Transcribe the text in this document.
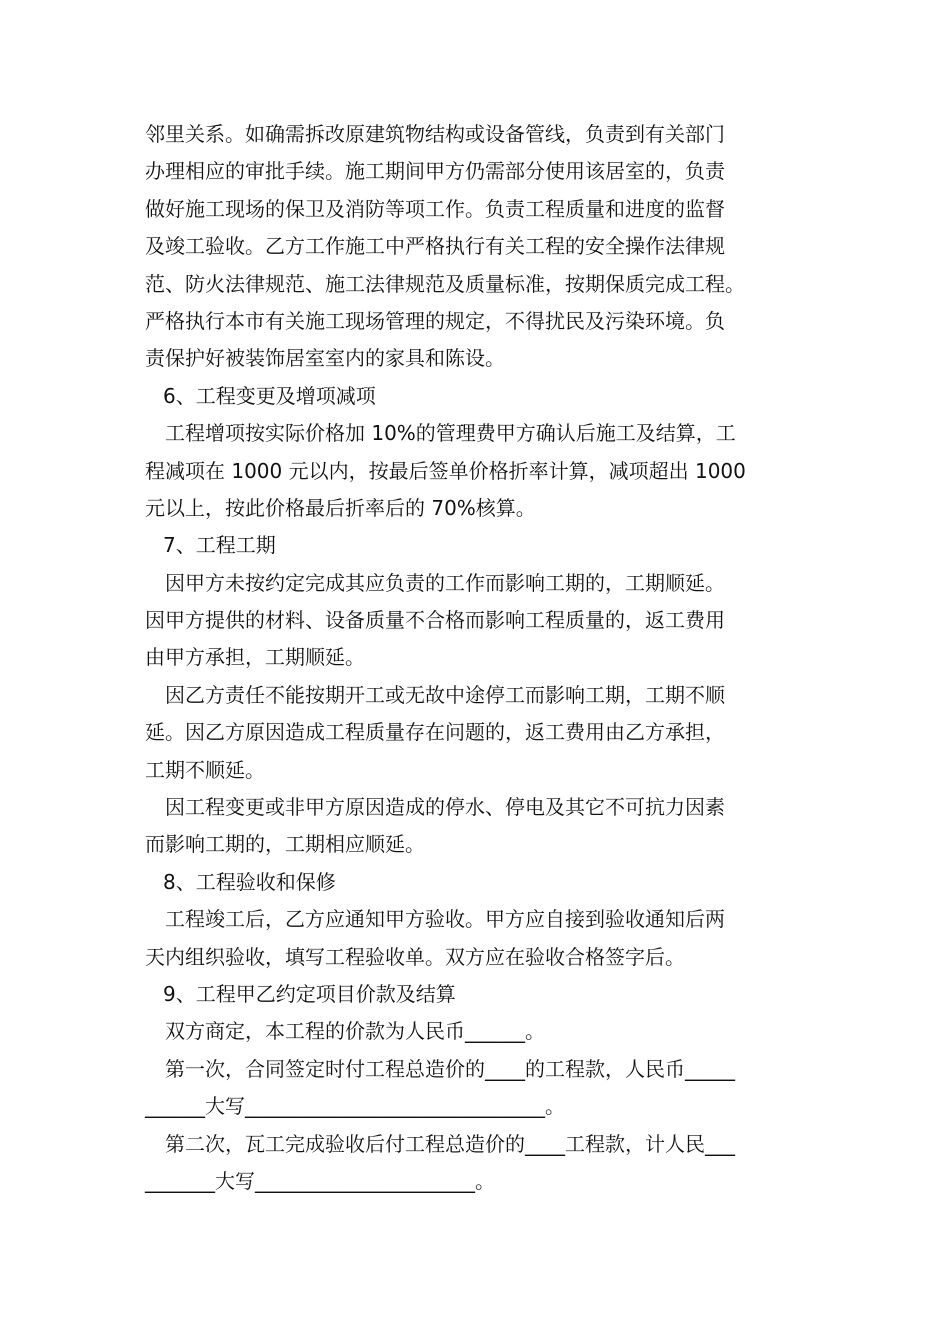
邻里关系。如确需拆改原建筑物结构或设备管线，负责到有关部门
办理相应的审批手续。施工期间甲方仍需部分使用该居室的，负责
做好施工现场的保卫及消防等项工作。负责工程质量和进度的监督
及竣工验收。乙方工作施工中严格执行有关工程的安全操作法律规
范、防火法律规范、施工法律规范及质量标准，按期保质完成工程。
严格执行本市有关施工现场管理的规定，不得扰民及污染环境。负
责保护好被装饰居室室内的家具和陈设。
6、工程变更及增项减项
工程增项按实际价格加 10%的管理费甲方确认后施工及结算，工
程减项在 1000 元以内，按最后签单价格折率计算，减项超出 1000
元以上，按此价格最后折率后的 70%核算。
7、工程工期
因甲方未按约定完成其应负责的工作而影响工期的，工期顺延。
因甲方提供的材料、设备质量不合格而影响工程质量的，返工费用
由甲方承担，工期顺延。
因乙方责任不能按期开工或无故中途停工而影响工期，工期不顺
延。因乙方原因造成工程质量存在问题的，返工费用由乙方承担，
工期不顺延。
因工程变更或非甲方原因造成的停水、停电及其它不可抗力因素
而影响工期的，工期相应顺延。
8、工程验收和保修
工程竣工后，乙方应通知甲方验收。甲方应自接到验收通知后两
天内组织验收，填写工程验收单。双方应在验收合格签字后。
9、工程甲乙约定项目价款及结算
双方商定，本工程的价款为人民币______。
第一次，合同签定时付工程总造价的____的工程款，人民币_____
______大写______________________________。
第二次，瓦工完成验收后付工程总造价的____工程款，计人民___
_______大写______________________。
